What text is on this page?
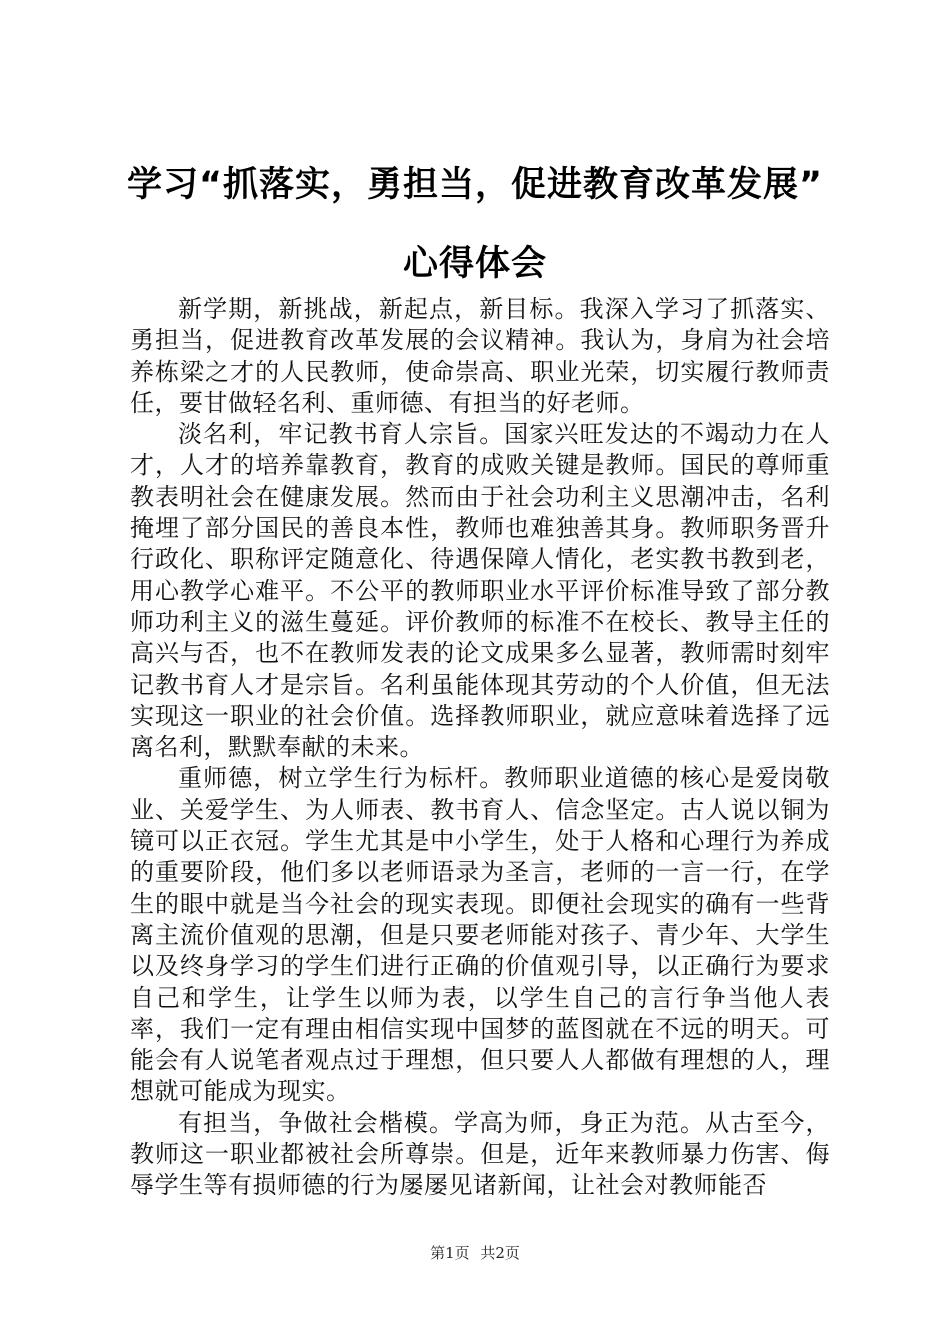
学习“抓落实，勇担当，促进教育改革发展”
心得体会

新学期，新挑战，新起点，新目标。我深入学习了抓落实、勇担当，促进教育改革发展的会议精神。我认为，身肩为社会培养栋梁之才的人民教师，使命崇高、职业光荣，切实履行教师责任，要甘做轻名利、重师德、有担当的好老师。

淡名利，牢记教书育人宗旨。国家兴旺发达的不竭动力在人才，人才的培养靠教育，教育的成败关键是教师。国民的尊师重教表明社会在健康发展。然而由于社会功利主义思潮冲击，名利掩埋了部分国民的善良本性，教师也难独善其身。教师职务晋升行政化、职称评定随意化、待遇保障人情化，老实教书教到老，用心教学心难平。不公平的教师职业水平评价标准导致了部分教师功利主义的滋生蔓延。评价教师的标准不在校长、教导主任的高兴与否，也不在教师发表的论文成果多么显著，教师需时刻牢记教书育人才是宗旨。名利虽能体现其劳动的个人价值，但无法实现这一职业的社会价值。选择教师职业，就应意味着选择了远离名利，默默奉献的未来。

重师德，树立学生行为标杆。教师职业道德的核心是爱岗敬业、关爱学生、为人师表、教书育人、信念坚定。古人说以铜为镜可以正衣冠。学生尤其是中小学生，处于人格和心理行为养成的重要阶段，他们多以老师语录为圣言，老师的一言一行，在学生的眼中就是当今社会的现实表现。即便社会现实的确有一些背离主流价值观的思潮，但是只要老师能对孩子、青少年、大学生以及终身学习的学生们进行正确的价值观引导，以正确行为要求自己和学生，让学生以师为表，以学生自己的言行争当他人表率，我们一定有理由相信实现中国梦的蓝图就在不远的明天。可能会有人说笔者观点过于理想，但只要人人都做有理想的人，理想就可能成为现实。

有担当，争做社会楷模。学高为师，身正为范。从古至今，教师这一职业都被社会所尊崇。但是，近年来教师暴力伤害、侮辱学生等有损师德的行为屡屡见诸新闻，让社会对教师能否

第1页 共2页
